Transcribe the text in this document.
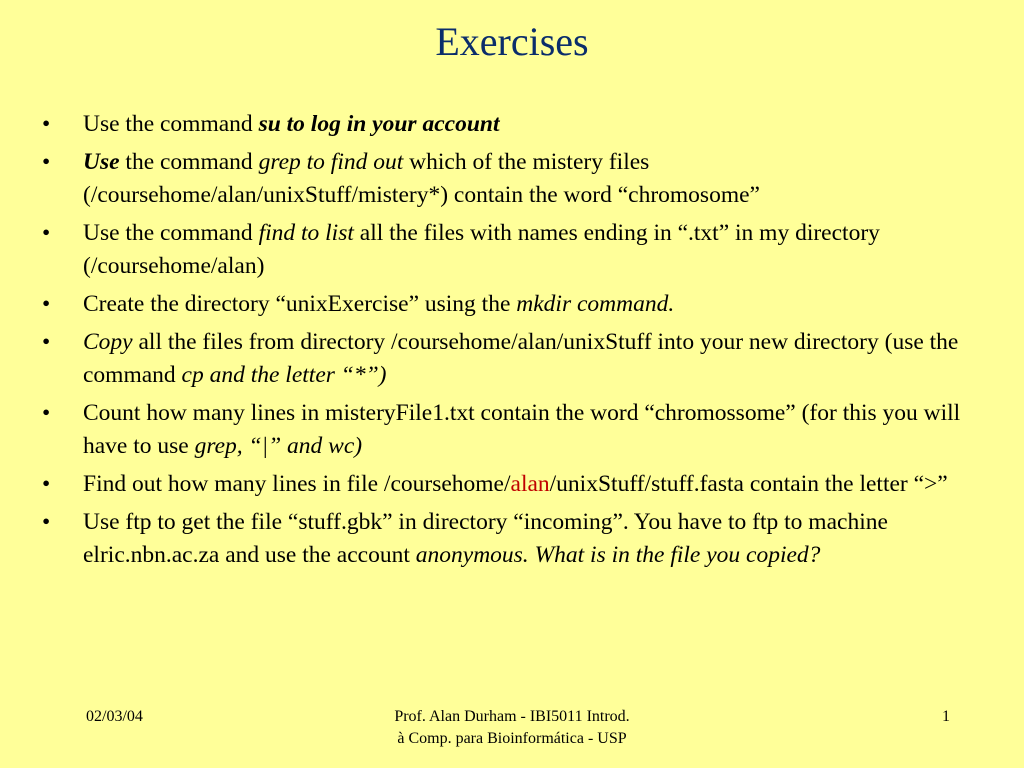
Exercises
• Use the command su to log in your account
• Use the command grep to find out which of the mistery files (/coursehome/alan/unixStuff/mistery*) contain the word “chromosome”
• Use the command find to list all the files with names ending in “.txt” in my directory (/coursehome/alan)
• Create the directory “unixExercise” using the mkdir command.
• Copy all the files from directory /coursehome/alan/unixStuff into your new directory (use the command cp and the letter “*”)
• Count how many lines in misteryFile1.txt contain the word “chromossome” (for this you will have to use grep, “|” and wc)
• Find out how many lines in file /coursehome/alan/unixStuff/stuff.fasta contain the letter “>”
• Use ftp to get the file “stuff.gbk” in directory “incoming”. You have to ftp to machine elric.nbn.ac.za and use the account anonymous. What is in the file you copied?
02/03/04	Prof. Alan Durham - IBI5011 Introd.
à Comp. para Bioinformática - USP
1
